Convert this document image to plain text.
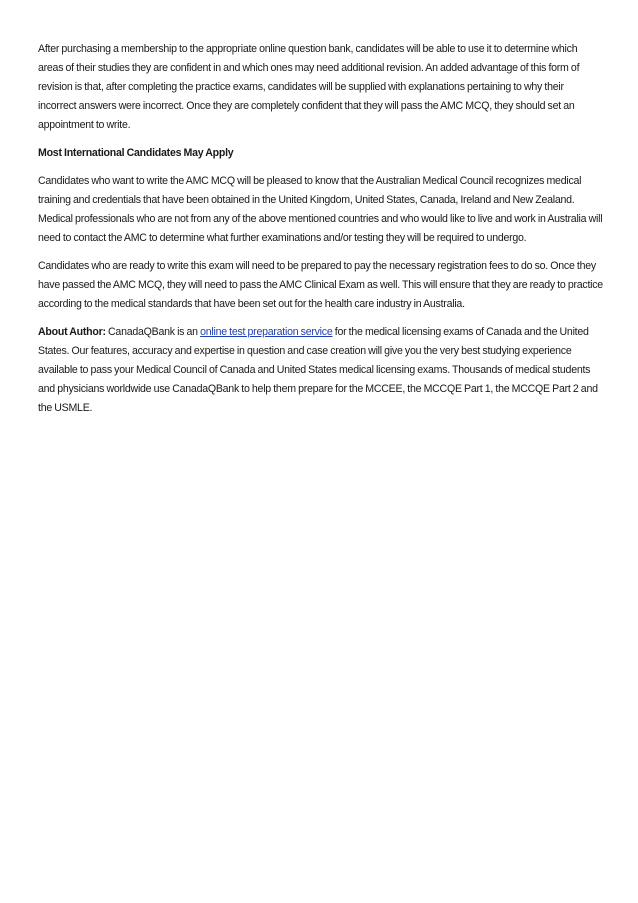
After purchasing a membership to the appropriate online question bank, candidates will be able to use it to determine which areas of their studies they are confident in and which ones may need additional revision. An added advantage of this form of revision is that, after completing the practice exams, candidates will be supplied with explanations pertaining to why their incorrect answers were incorrect. Once they are completely confident that they will pass the AMC MCQ, they should set an appointment to write.

Most International Candidates May Apply

Candidates who want to write the AMC MCQ will be pleased to know that the Australian Medical Council recognizes medical training and credentials that have been obtained in the United Kingdom, United States, Canada, Ireland and New Zealand. Medical professionals who are not from any of the above mentioned countries and who would like to live and work in Australia will need to contact the AMC to determine what further examinations and/or testing they will be required to undergo.

Candidates who are ready to write this exam will need to be prepared to pay the necessary registration fees to do so. Once they have passed the AMC MCQ, they will need to pass the AMC Clinical Exam as well. This will ensure that they are ready to practice according to the medical standards that have been set out for the health care industry in Australia.

About Author: CanadaQBank is an online test preparation service for the medical licensing exams of Canada and the United States. Our features, accuracy and expertise in question and case creation will give you the very best studying experience available to pass your Medical Council of Canada and United States medical licensing exams. Thousands of medical students and physicians worldwide use CanadaQBank to help them prepare for the MCCEE, the MCCQE Part 1, the MCCQE Part 2 and the USMLE.
